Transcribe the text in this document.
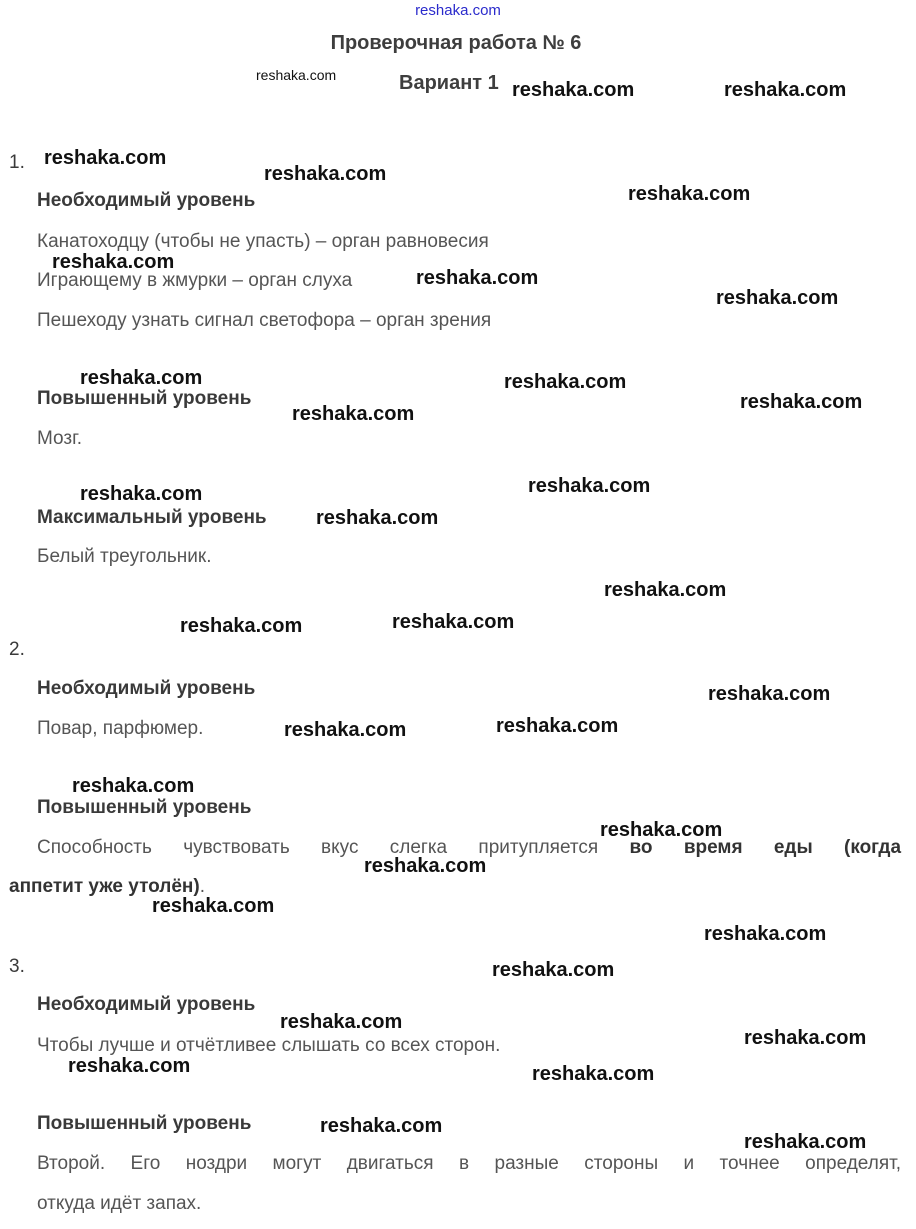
reshaka.com
Проверочная работа № 6
Вариант 1
1.
Необходимый уровень
Канатоходцу (чтобы не упасть) – орган равновесия
Играющему в жмурки – орган слуха
Пешеходу узнать сигнал светофора – орган зрения
Повышенный уровень
Мозг.
Максимальный уровень
Белый треугольник.
2.
Необходимый уровень
Повар, парфюмер.
Повышенный уровень
Способность чувствовать вкус слегка притупляется во время еды (когда
аппетит уже утолён).
3.
Необходимый уровень
Чтобы лучше и отчётливее слышать со всех сторон.
Повышенный уровень
Второй. Его ноздри могут двигаться в разные стороны и точнее определят,
откуда идёт запах.
reshaka.com
reshaka.com	reshaka.com
reshaka.com
reshaka.com
reshaka.com
reshaka.com
reshaka.com
reshaka.com
reshaka.com	reshaka.com
reshaka.com
reshaka.com
reshaka.com	reshaka.com
reshaka.com
reshaka.com
reshaka.com	reshaka.com
reshaka.com
reshaka.com	reshaka.com
reshaka.com
reshaka.com
reshaka.com
reshaka.com
reshaka.com
reshaka.com
reshaka.com
reshaka.com
reshaka.com	reshaka.com
reshaka.com
reshaka.com
